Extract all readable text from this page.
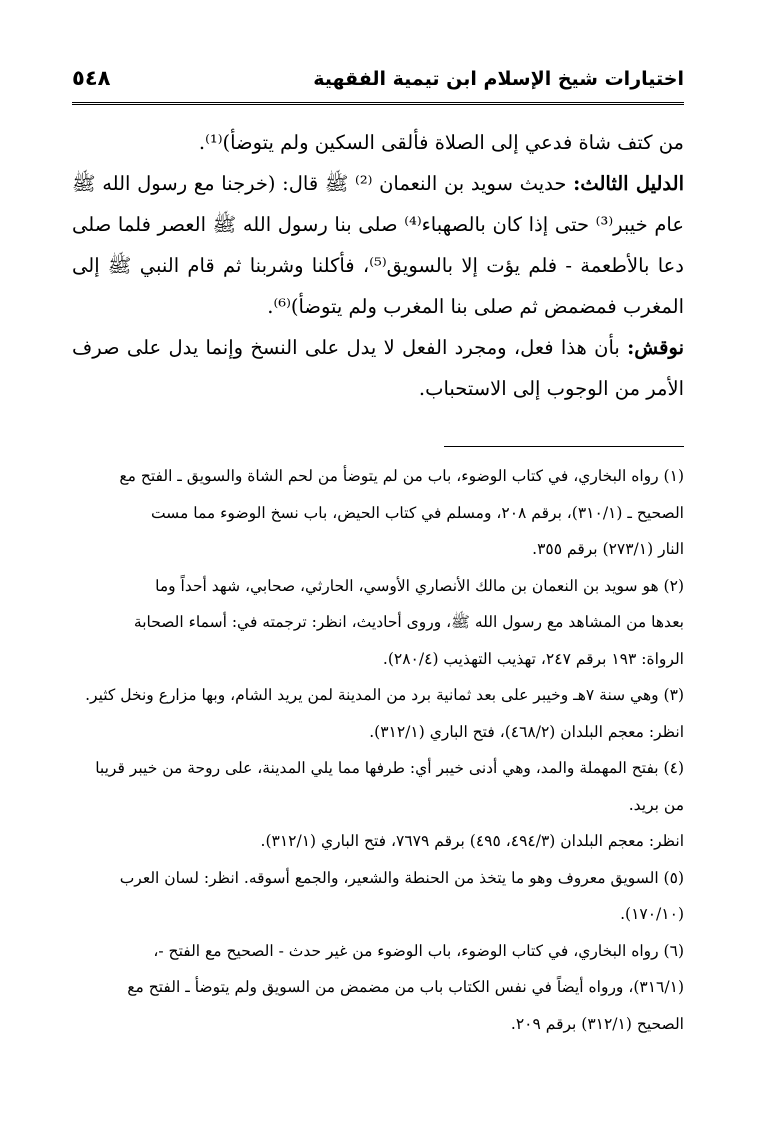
اختيارات شيخ الإسلام ابن تيمية الفقهية
٥٤٨

من كتف شاة فدعي إلى الصلاة فألقى السكين ولم يتوضأ)⁽¹⁾.

الدليل الثالث: حديث سويد بن النعمان ⁽²⁾ ﷺ قال: (خرجنا مع رسول الله ﷺ عام خيبر⁽³⁾ حتى إذا كان بالصهباء⁽⁴⁾ صلى بنا رسول الله ﷺ العصر فلما صلى دعا بالأطعمة - فلم يؤت إلا بالسويق⁽⁵⁾، فأكلنا وشربنا ثم قام النبي ﷺ إلى المغرب فمضمض ثم صلى بنا المغرب ولم يتوضأ)⁽⁶⁾.

نوقش: بأن هذا فعل، ومجرد الفعل لا يدل على النسخ وإنما يدل على صرف الأمر من الوجوب إلى الاستحباب.

(١) رواه البخاري، في كتاب الوضوء، باب من لم يتوضأ من لحم الشاة والسويق ـ الفتح مع
الصحيح ـ (٣١٠/١)، برقم ٢٠٨، ومسلم في كتاب الحيض، باب نسخ الوضوء مما مست
النار (٢٧٣/١) برقم ٣٥٥.
(٢) هو سويد بن النعمان بن مالك الأنصاري الأوسي، الحارثي، صحابي، شهد أحداً وما
بعدها من المشاهد مع رسول الله ﷺ، وروى أحاديث، انظر: ترجمته في: أسماء الصحابة
الرواة: ١٩٣ برقم ٢٤٧، تهذيب التهذيب (٢٨٠/٤).
(٣) وهي سنة ٧هـ وخيبر على بعد ثمانية برد من المدينة لمن يريد الشام، وبها مزارع ونخل كثير.
انظر: معجم البلدان (٤٦٨/٢)، فتح الباري (٣١٢/١).
(٤) بفتح المهملة والمد، وهي أدنى خيبر أي: طرفها مما يلي المدينة، على روحة من خيبر قريبا
من بريد.
انظر: معجم البلدان (٤٩٤/٣، ٤٩٥) برقم ٧٦٧٩، فتح الباري (٣١٢/١).
(٥) السويق معروف وهو ما يتخذ من الحنطة والشعير، والجمع أسوقه. انظر: لسان العرب
(١٧٠/١٠).
(٦) رواه البخاري، في كتاب الوضوء، باب الوضوء من غير حدث - الصحيح مع الفتح -،
(٣١٦/١)، ورواه أيضاً في نفس الكتاب باب من مضمض من السويق ولم يتوضأ ـ الفتح مع
الصحيح (٣١٢/١) برقم ٢٠٩.
